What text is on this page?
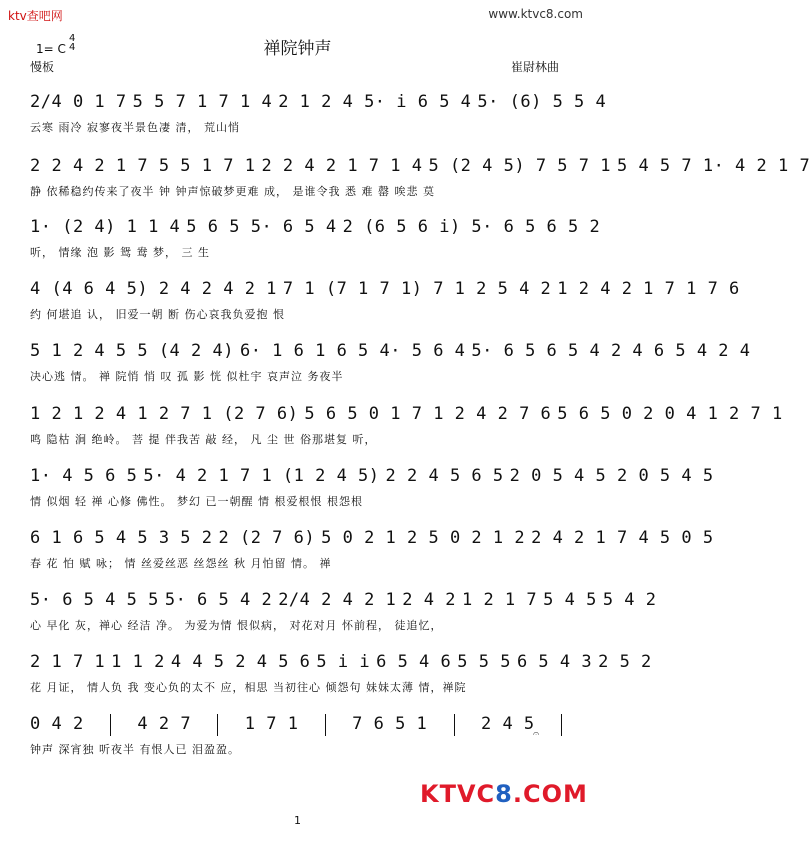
ktv查吧网	www.ktvc8.com
禅院钟声
1= C
4
4
慢板	崔尉林曲
2/4 0 1 7 5 5 7 1 7 1 4 2 1 2 4 5· i 6 5 4 5· (6) 5 5 4
云寒 雨冷 寂寥夜半景色凄 清， 荒山悄
2 2 4 2 1 7 5 5 1 7 1 2 2 4 2 1 7 1 4 5 (2 4 5) 7 5 7 1 5 4 5 7 1· 4 2 1 7
静 依稀稳约传来了夜半 钟 钟声惊破梦更难 成， 是谁令我 悉 难 罄 唉悲 莫
1· (2 4) 1 1 4 5 6 5 5· 6 5 4 2 (6 5 6 i) 5· 6 5 6 5 2
听， 情缘 泡 影 鸳 鸯 梦， 三 生
4 (4 6 4 5) 2 4 2 4 2 1 7 1 (7 1 7 1) 7 1 2 5 4 2 1 2 4 2 1 7 1 7 6
约 何堪追 认， 旧爱一朝 断 伤心哀我负爱抱 恨
5 1 2 4 5 5 (4 2 4) 6· 1 6 1 6 5 4· 5 6 4 5· 6 5 6 5 4 2 4 6 5 4 2 4
决心逃 情。 禅 院悄 悄 叹 孤 影 恍 似杜宇 哀声泣 务夜半
1 2 1 2 4 1 2 7 1 (2 7 6) 5 6 5 0 1 7 1 2 4 2 7 6 5 6 5 0 2 0 4 1 2 7 1
鸣 隐枯 涧 绝岭。 菩 提 伴我苦 敲 经， 凡 尘 世 俗那堪复 听，
1· 4 5 6 5 5· 4 2 1 7 1 (1 2 4 5) 2 2 4 5 6 5 2 0 5 4 5 2 0 5 4 5
情 似烟 轻 禅 心修 佛性。 梦幻 已一朝醒 情 根爱根恨 根怨根
6 1 6 5 4 5 3 5 2 2 (2 7 6) 5 0 2 1 2 5 0 2 1 2 2 4 2 1 7 4 5 0 5
春 花 怕 赋 咏； 情 丝爱丝恶 丝怨丝 秋 月怕留 情。 禅
5· 6 5 4 5 5 5· 6 5 4 2 2/4 2 4 2 1 2 4 2 1 2 1 7 5 4 5 5 4 2
心 早化 灰，禅心 经洁 净。 为爱为情 恨似病， 对花对月 怀前程， 徒追忆，
2 1 7 1 1 1 2 4 4 5 2 4 5 6 5 i i 6 5 4 6 5 5 5 6 5 4 3 2 5 2
花 月证， 情人负 我 变心负的太不 应，相思 当初往心 倾怨句 妹妹太薄 情，禅院
0 4 2	4 2 7	1 7 1	7 6 5 1	2 4 5
钟声 深宵独 听夜半 有恨人已 泪盈盈。
𝄐
KTVC8.COM
1
